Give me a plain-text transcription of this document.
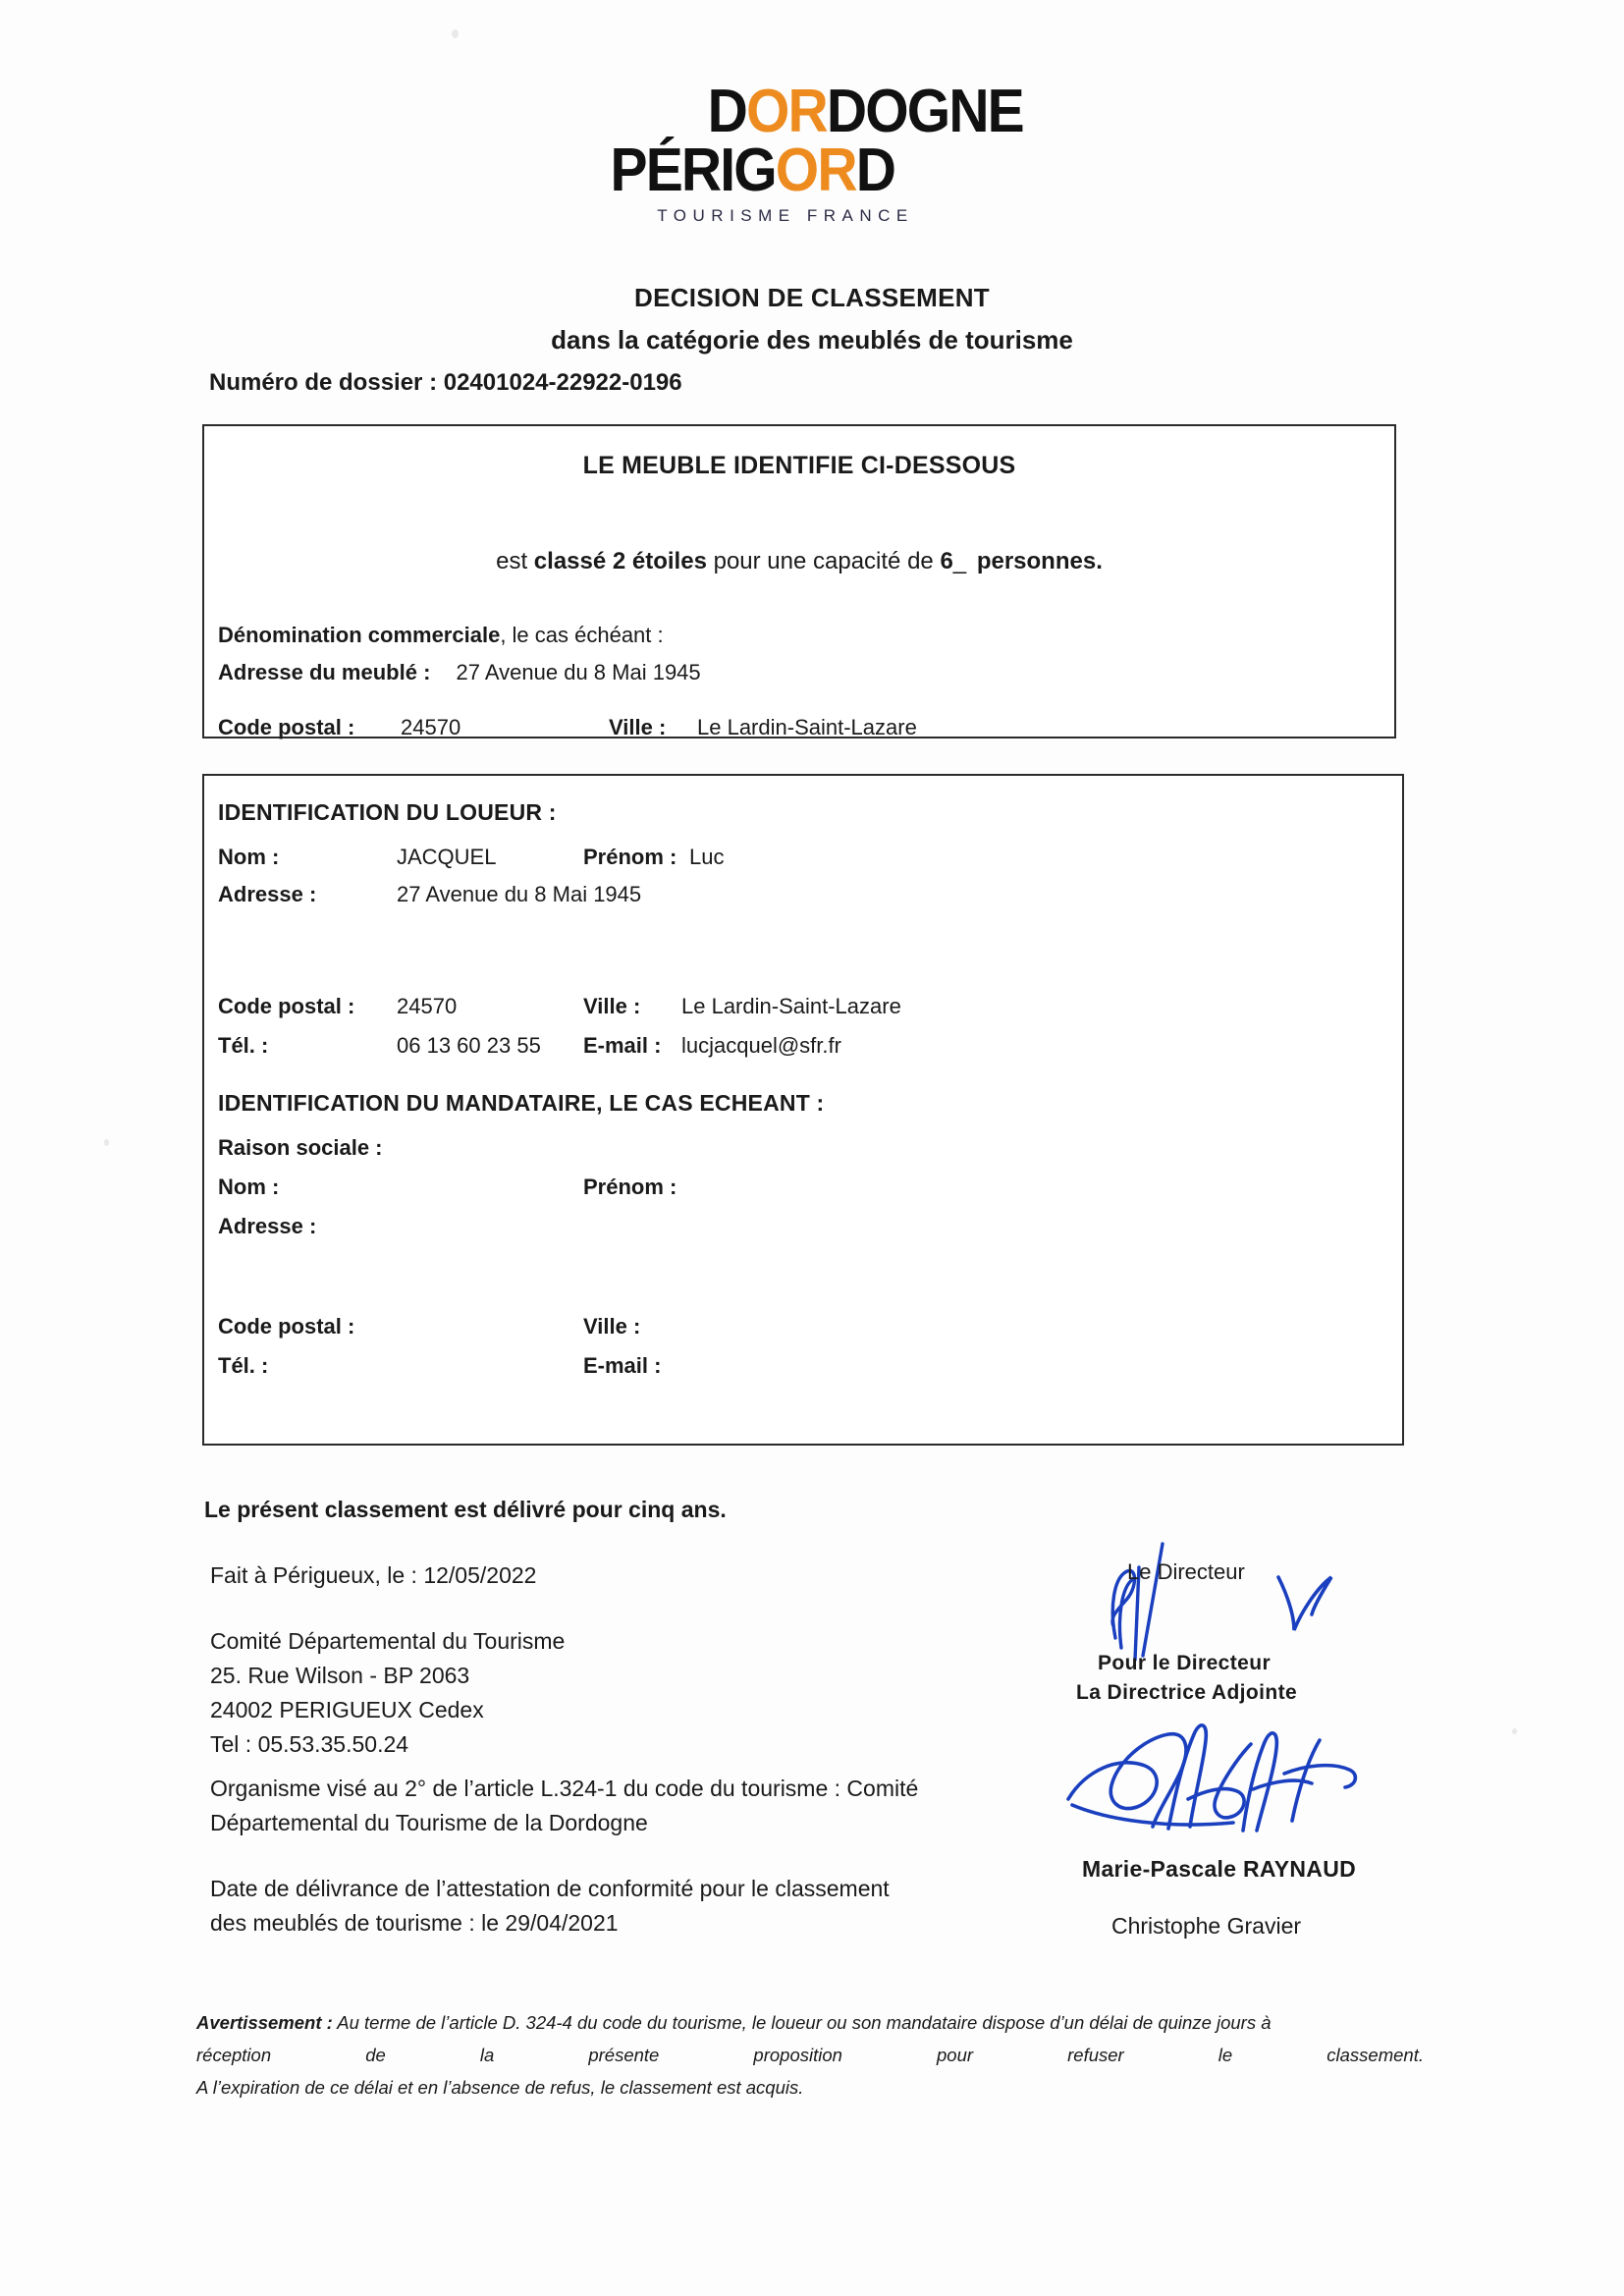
DORDOGNE
PÉRIGORD
TOURISME FRANCE
DECISION DE CLASSEMENT
dans la catégorie des meublés de tourisme
Numéro de dossier : 02401024-22922-0196
LE MEUBLE IDENTIFIE CI-DESSOUS
est classé 2 étoiles pour une capacité de 6_ personnes.
Dénomination commerciale, le cas échéant :
Adresse du meublé : 27 Avenue du 8 Mai 1945
Code postal : 24570	Ville : Le Lardin-Saint-Lazare
IDENTIFICATION DU LOUEUR :
Nom :	JACQUEL	Prénom : Luc
Adresse :	27 Avenue du 8 Mai 1945
Code postal : 24570	Ville : Le Lardin-Saint-Lazare
Tél. :	06 13 60 23 55 E-mail : lucjacquel@sfr.fr
IDENTIFICATION DU MANDATAIRE, LE CAS ECHEANT :
Raison sociale :
Nom :	Prénom :
Adresse :
Code postal :	Ville :
Tél. :	E-mail :
Le présent classement est délivré pour cinq ans.
Fait à Périgueux, le : 12/05/2022
Comité Départemental du Tourisme
25. Rue Wilson - BP 2063
24002 PERIGUEUX Cedex
Tel : 05.53.35.50.24
Organisme visé au 2° de l’article L.324-1 du code du tourisme : Comité
Départemental du Tourisme de la Dordogne
Date de délivrance de l’attestation de conformité pour le classement
des meublés de tourisme : le 29/04/2021
Le Directeur
Pour le Directeur
La Directrice Adjointe
Marie-Pascale RAYNAUD
Christophe Gravier
Avertissement : Au terme de l’article D. 324-4 du code du tourisme, le loueur ou son mandataire dispose d’un délai de quinze jours à
réception de la présente proposition pour refuser le classement.
A l’expiration de ce délai et en l’absence de refus, le classement est acquis.
